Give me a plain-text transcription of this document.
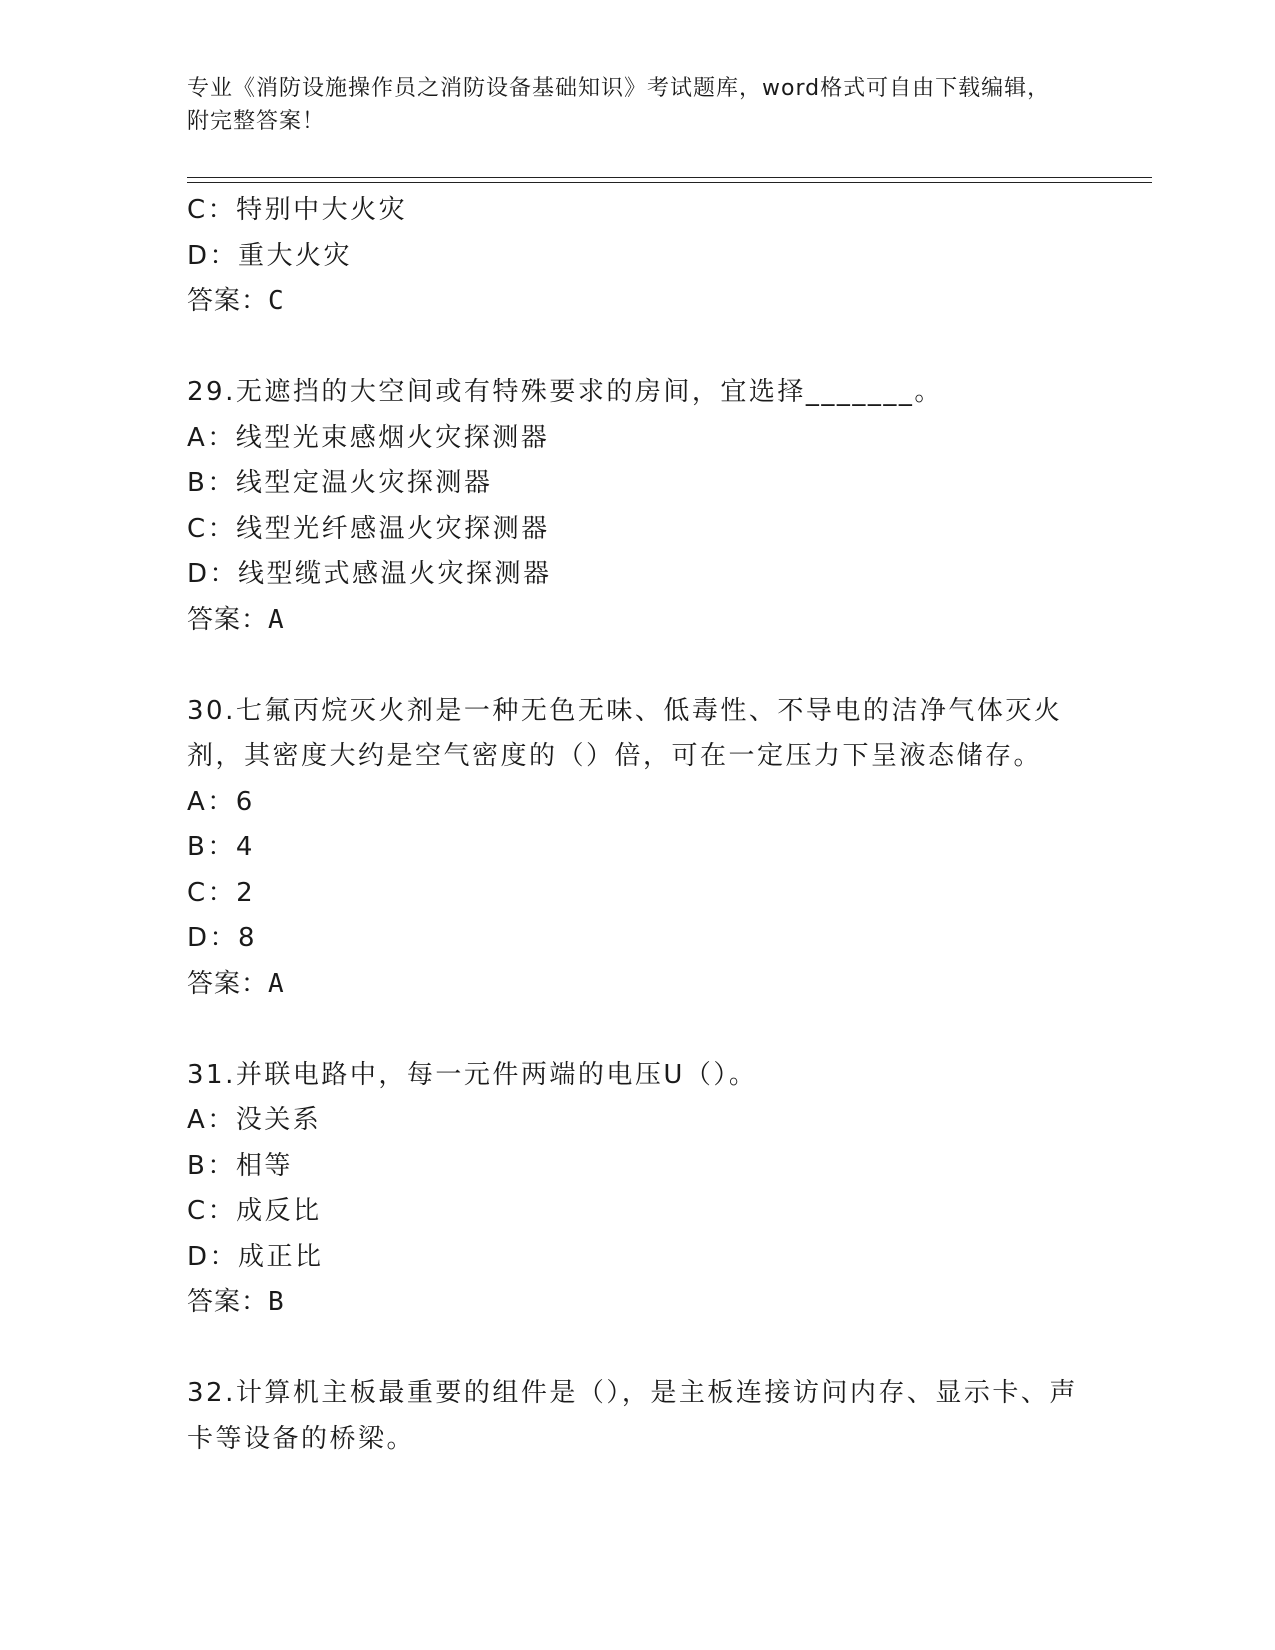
专业《消防设施操作员之消防设备基础知识》考试题库，word格式可自由下载编辑，附完整答案！
C：特别中大火灾
D：重大火灾
答案：C
29.无遮挡的大空间或有特殊要求的房间，宜选择_______。
A：线型光束感烟火灾探测器
B：线型定温火灾探测器
C：线型光纤感温火灾探测器
D：线型缆式感温火灾探测器
答案：A
30.七氟丙烷灭火剂是一种无色无味、低毒性、不导电的洁净气体灭火剂，其密度大约是空气密度的（）倍，可在一定压力下呈液态储存。
A：6
B：4
C：2
D：8
答案：A
31.并联电路中，每一元件两端的电压U（）。
A：没关系
B：相等
C：成反比
D：成正比
答案：B
32.计算机主板最重要的组件是（），是主板连接访问内存、显示卡、声卡等设备的桥梁。
